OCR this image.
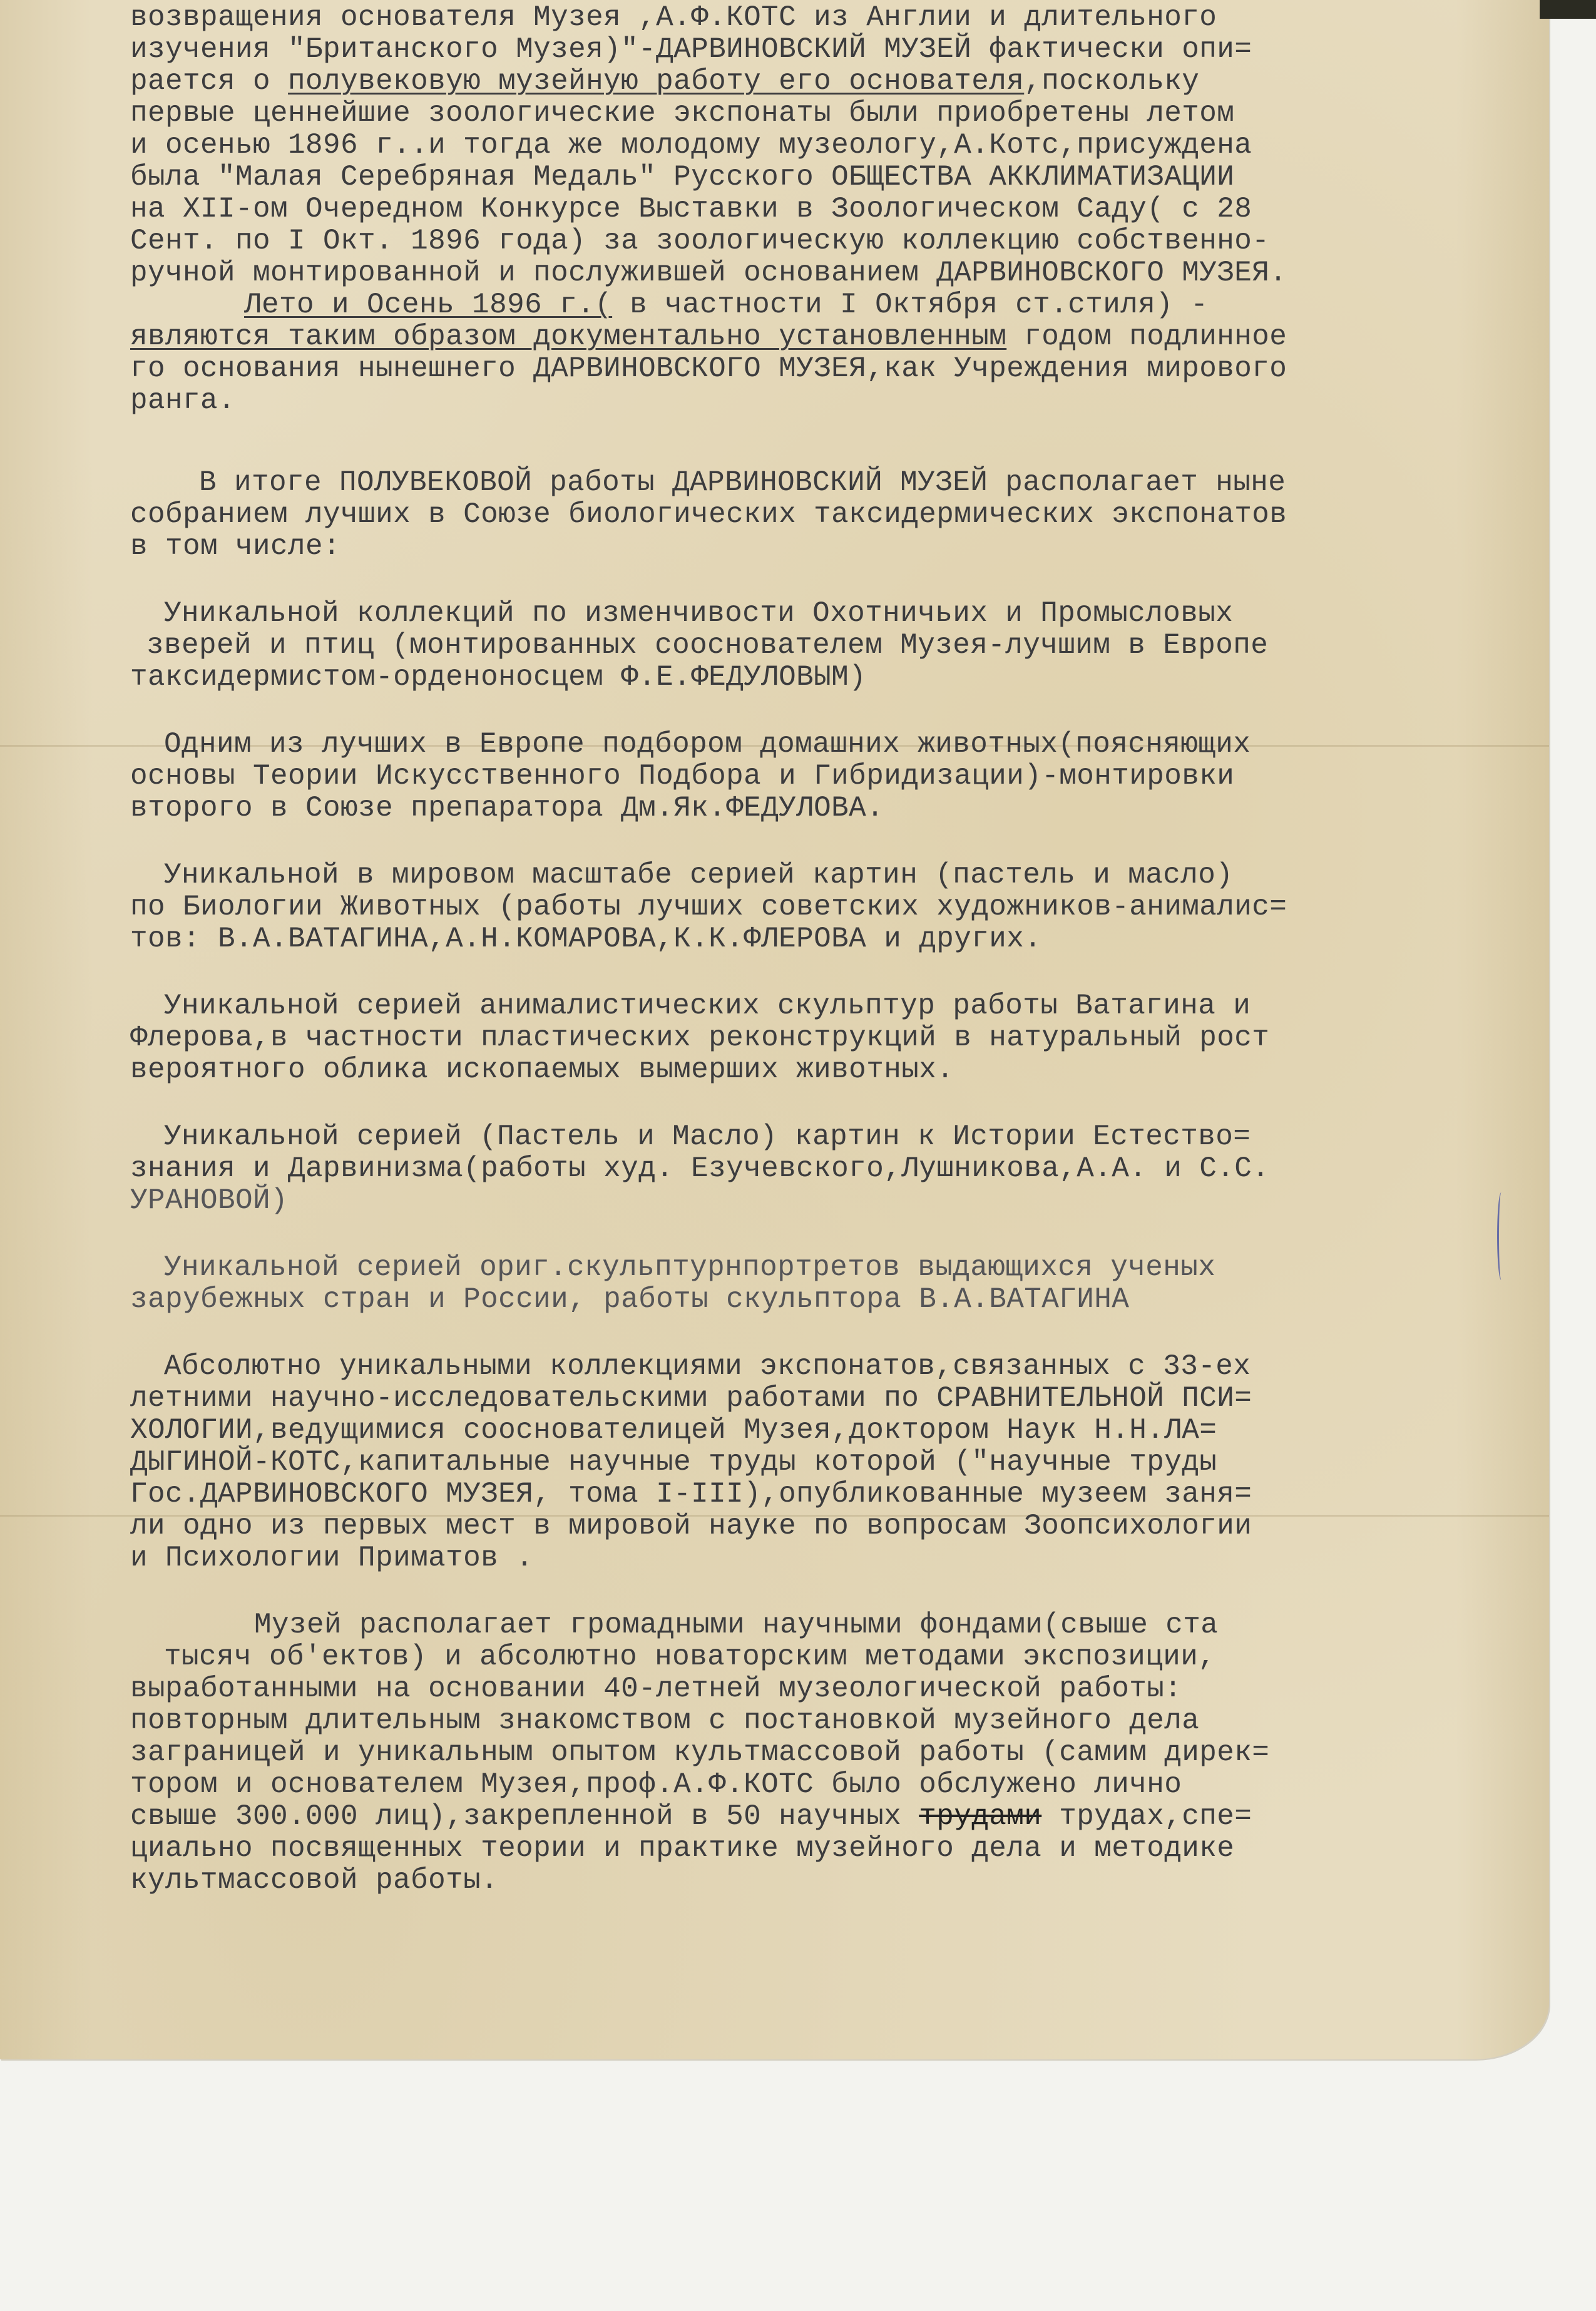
возвращения основателя Музея ,А.Ф.КОТС из Англии и длительного

изучения "Британского Музея)"-ДАРВИНОВСКИЙ МУЗЕЙ фактически опи=

рается о полувековую музейную работу его основателя,поскольку

первые ценнейшие зоологические экспонаты были приобретены летом

и осенью 1896 г..и тогда же молодому музеологу,А.Котс,присуждена

была "Малая Серебряная Медаль" Русского ОБЩЕСТВА АККЛИМАТИЗАЦИИ

на XII-ом Очередном Конкурсе Выставки в Зоологическом Саду( с 28

Сент. по I Окт. 1896 года) за зоологическую коллекцию собственно-

ручной монтированной и послужившей основанием ДАРВИНОВСКОГО МУЗЕЯ.

Лето и Осень 1896 г.( в частности I Октября ст.стиля) -

являются таким образом документально установленным годом подлинное

го основания нынешнего ДАРВИНОВСКОГО МУЗЕЯ,как Учреждения мирового

ранга.

В итоге ПОЛУВЕКОВОЙ работы ДАРВИНОВСКИЙ МУЗЕЙ располагает ныне

собранием лучших в Союзе биологических таксидермических экспонатов

в том числе:

Уникальной коллекций по изменчивости Охотничьих и Промысловых

зверей и птиц (монтированных сооснователем Музея-лучшим в Европе

таксидермистом-орденоносцем Ф.Е.ФЕДУЛОВЫМ)

Одним из лучших в Европе подбором домашних животных(поясняющих

основы Теории Искусственного Подбора и Гибридизации)-монтировки

второго в Союзе препаратора Дм.Як.ФЕДУЛОВА.

Уникальной в мировом масштабе серией картин (пастель и масло)

по Биологии Животных (работы лучших советских художников-анималис=

тов: В.А.ВАТАГИНА,А.Н.КОМАРОВА,К.К.ФЛЕРОВА и других.

Уникальной серией анималистических скульптур работы Ватагина и

Флерова,в частности пластических реконструкций в натуральный рост

вероятного облика ископаемых вымерших животных.

Уникальной серией (Пастель и Масло) картин к Истории Естество=

знания и Дарвинизма(работы худ. Езучевского,Лушникова,А.А. и С.С.

УРАНОВОЙ)

Уникальной серией ориг.скульптурнпортретов выдающихся ученых

зарубежных стран и России, работы скульптора В.А.ВАТАГИНА

Абсолютно уникальными коллекциями экспонатов,связанных с 33-ех

летними научно-исследовательскими работами по СРАВНИТЕЛЬНОЙ ПСИ=

ХОЛОГИИ,ведущимися сооснователицей Музея,доктором Наук Н.Н.ЛА=

ДЫГИНОЙ-КОТС,капитальные научные труды которой ("научные труды

Гос.ДАРВИНОВСКОГО МУЗЕЯ, тома I-III),опубликованные музеем заня=

ли одно из первых мест в мировой науке по вопросам Зоопсихологии

и Психологии Приматов .

Музей располагает громадными научными фондами(свыше ста

тысяч об'ектов) и абсолютно новаторским методами экспозиции,

выработанными на основании 40-летней музеологической работы:

повторным длительным знакомством с постановкой музейного дела

заграницей и уникальным опытом культмассовой работы (самим дирек=

тором и основателем Музея,проф.А.Ф.КОТС было обслужено лично

свыше 300.000 лиц),закрепленной в 50 научных трудами трудах,спе=

циально посвященных теории и практике музейного дела и методике

культмассовой работы.
